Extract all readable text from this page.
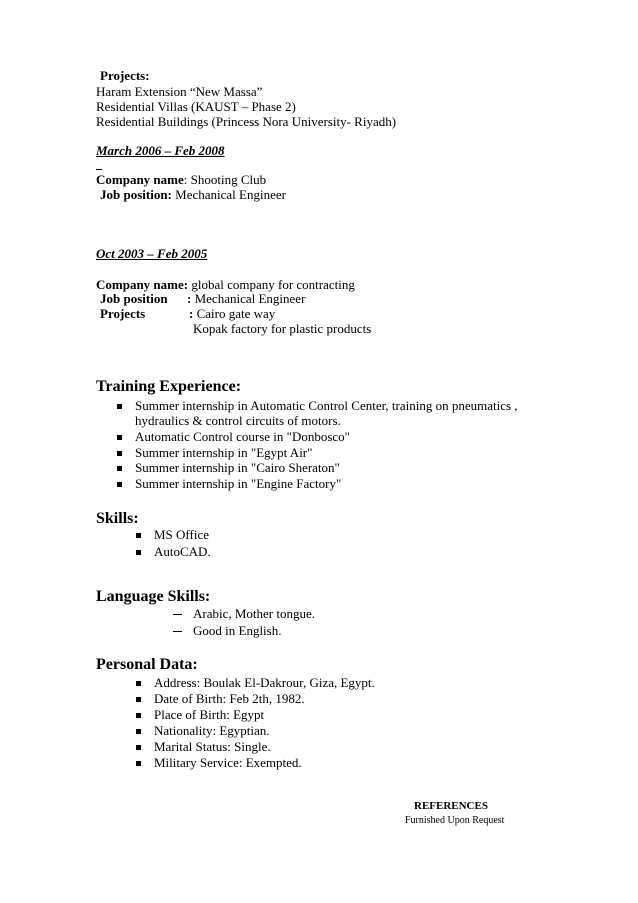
Projects:
Haram Extension “New Massa”
Residential Villas (KAUST – Phase 2)
Residential Buildings (Princess Nora University- Riyadh)
March 2006 – Feb 2008
Company name: Shooting Club
Job position: Mechanical Engineer
Oct 2003 – Feb 2005
Company name: global company for contracting
Job position : Mechanical Engineer
Projects	: Cairo gate way
Kopak factory for plastic products
Training Experience:
Summer internship in Automatic Control Center, training on pneumatics ,
hydraulics & control circuits of motors.
Automatic Control course in "Donbosco"
Summer internship in "Egypt Air"
Summer internship in "Cairo Sheraton"
Summer internship in "Engine Factory"
Skills:
MS Office
AutoCAD.
Language Skills:
Arabic, Mother tongue.
Good in English.
Personal Data:
Address: Boulak El-Dakrour, Giza, Egypt.
Date of Birth: Feb 2th, 1982.
Place of Birth: Egypt
Nationality: Egyptian.
Marital Status: Single.
Military Service: Exempted.
REFERENCES
Furnished Upon Request
